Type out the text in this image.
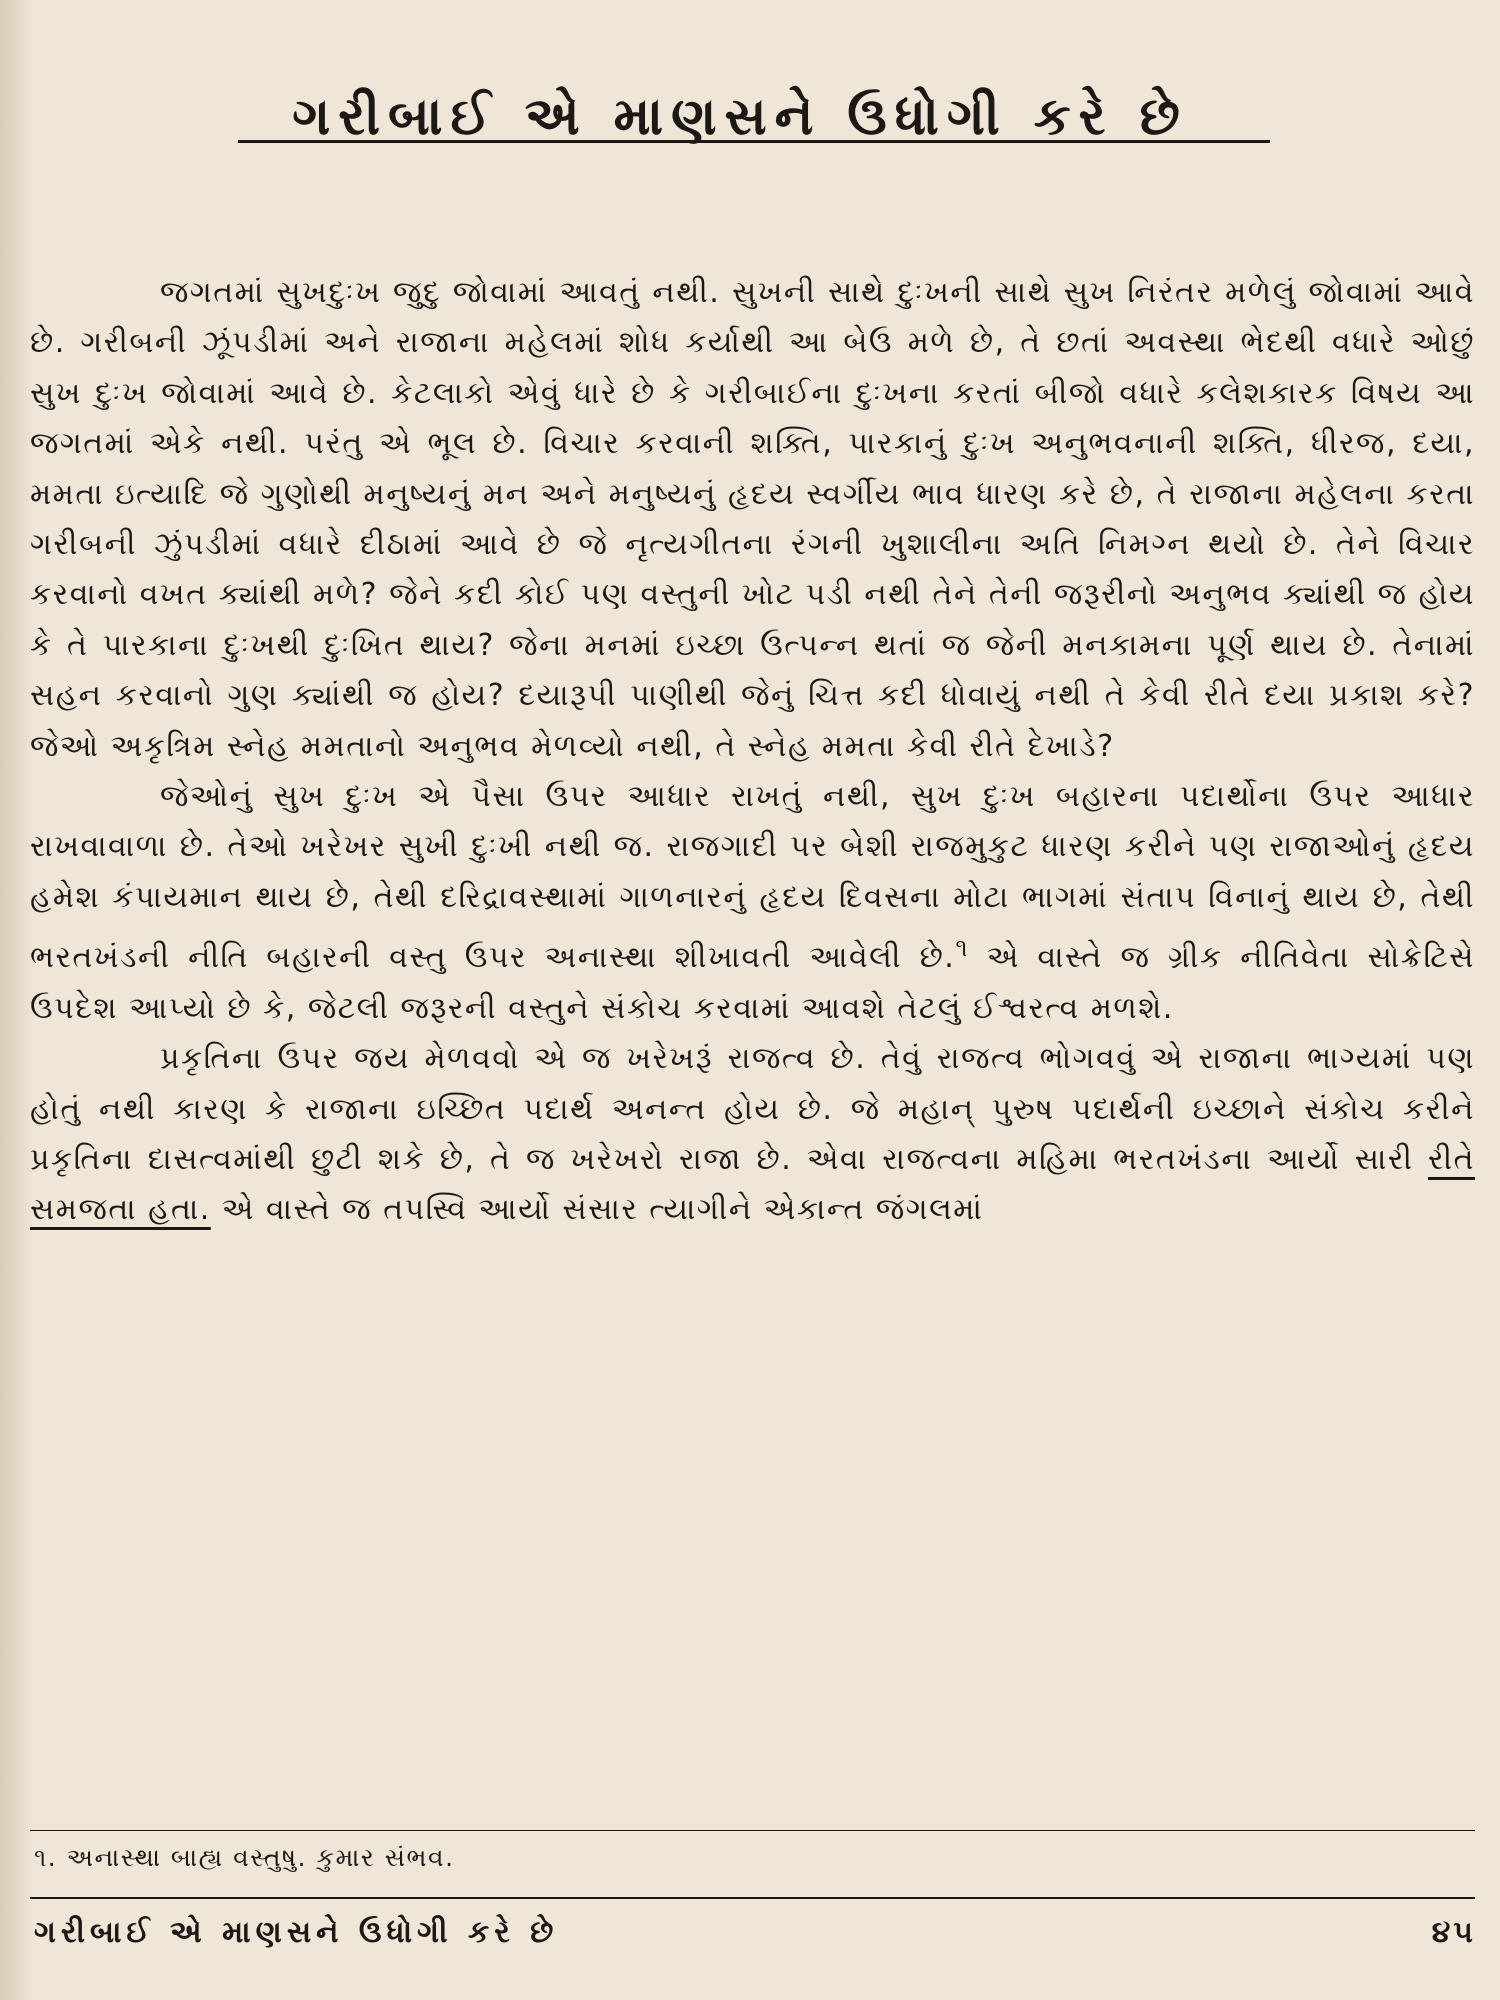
ગરીબાઈ એ માણસને ઉધોગી કરે છે

જગતમાં સુખદુઃખ જુદુ જોવામાં આવતું નથી. સુખની સાથે દુઃખની સાથે સુખ નિરંતર મળેલું જોવામાં આવે છે. ગરીબની ઝૂંપડીમાં અને રાજાના મહેલમાં શોધ કર્યાથી આ બેઉ મળે છે, તે છતાં અવસ્થા ભેદથી વધારે ઓછું સુખ દુઃખ જોવામાં આવે છે. કેટલાકો એવું ધારે છે કે ગરીબાઈના દુઃખના કરતાં બીજો વધારે કલેશકારક વિષય આ જગતમાં એકે નથી. પરંતુ એ ભૂલ છે. વિચાર કરવાની શક્તિ, પારકાનું દુઃખ અનુભવનાની શક્તિ, ધીરજ, દયા, મમતા ઇત્યાદિ જે ગુણોથી મનુષ્યનું મન અને મનુષ્યનું હૃદય સ્વર્ગીય ભાવ ધારણ કરે છે, તે રાજાના મહેલના કરતા ગરીબની ઝુંપડીમાં વધારે દીઠામાં આવે છે જે નૃત્યગીતના રંગની ખુશાલીના અતિ નિમગ્ન થયો છે. તેને વિચાર કરવાનો વખત ક્યાંથી મળે? જેને કદી કોઈ પણ વસ્તુની ખોટ પડી નથી તેને તેની જરૂરીનો અનુભવ ક્યાંથી જ હોય કે તે પારકાના દુઃખથી દુઃખિત થાય? જેના મનમાં ઇચ્છા ઉત્પન્ન થતાં જ જેની મનકામના પૂર્ણ થાય છે. તેનામાં સહન કરવાનો ગુણ ક્યાંથી જ હોય? દયારૂપી પાણીથી જેનું ચિત્ત કદી ધોવાયું નથી તે કેવી રીતે દયા પ્રકાશ કરે? જેઓ અકૃત્રિમ સ્નેહ મમતાનો અનુભવ મેળવ્યો નથી, તે સ્નેહ મમતા કેવી રીતે દેખાડે?

જેઓનું સુખ દુઃખ એ પૈસા ઉપર આધાર રાખતું નથી, સુખ દુઃખ બહારના પદાર્થોના ઉપર આધાર રાખવાવાળા છે. તેઓ ખરેખર સુખી દુઃખી નથી જ. રાજગાદી પર બેશી રાજમુકુટ ધારણ કરીને પણ રાજાઓનું હૃદય હમેશ કંપાયમાન થાય છે, તેથી દરિદ્રાવસ્થામાં ગાળનારનું હૃદય દિવસના મોટા ભાગમાં સંતાપ વિનાનું થાય છે, તેથી ભરતખંડની નીતિ બહારની વસ્તુ ઉપર અનાસ્થા શીખાવતી આવેલી છે.$^૧$ એ વાસ્તે જ ગ્રીક નીતિવેતા સોક્રેટિસે ઉપદેશ આપ્યો છે કે, જેટલી જરૂરની વસ્તુને સંકોચ કરવામાં આવશે તેટલું ઈશ્વરત્વ મળશે.

પ્રકૃતિના ઉપર જય મેળવવો એ જ ખરેખરૂં રાજત્વ છે. તેવું રાજત્વ ભોગવવું એ રાજાના ભાગ્યમાં પણ હોતું નથી કારણ કે રાજાના ઇચ્છિત પદાર્થ અનન્ત હોય છે. જે મહાન્ પુરુષ પદાર્થની ઇચ્છાને સંકોચ કરીને પ્રકૃતિના દાસત્વમાંથી છુટી શકે છે, તે જ ખરેખરો રાજા છે. એવા રાજત્વના મહિમા ભરતખંડના આર્યો સારી રીતે સમજતા હતા. એ વાસ્તે જ તપસ્વિ આર્યો સંસાર ત્યાગીને એકાન્ત જંગલમાં

૧. અનાસ્થા બાહ્ય વસ્તુષુ. કુમાર સંભવ.
ગરીબાઈ એ માણસને ઉધોગી કરે છે	૪૫
